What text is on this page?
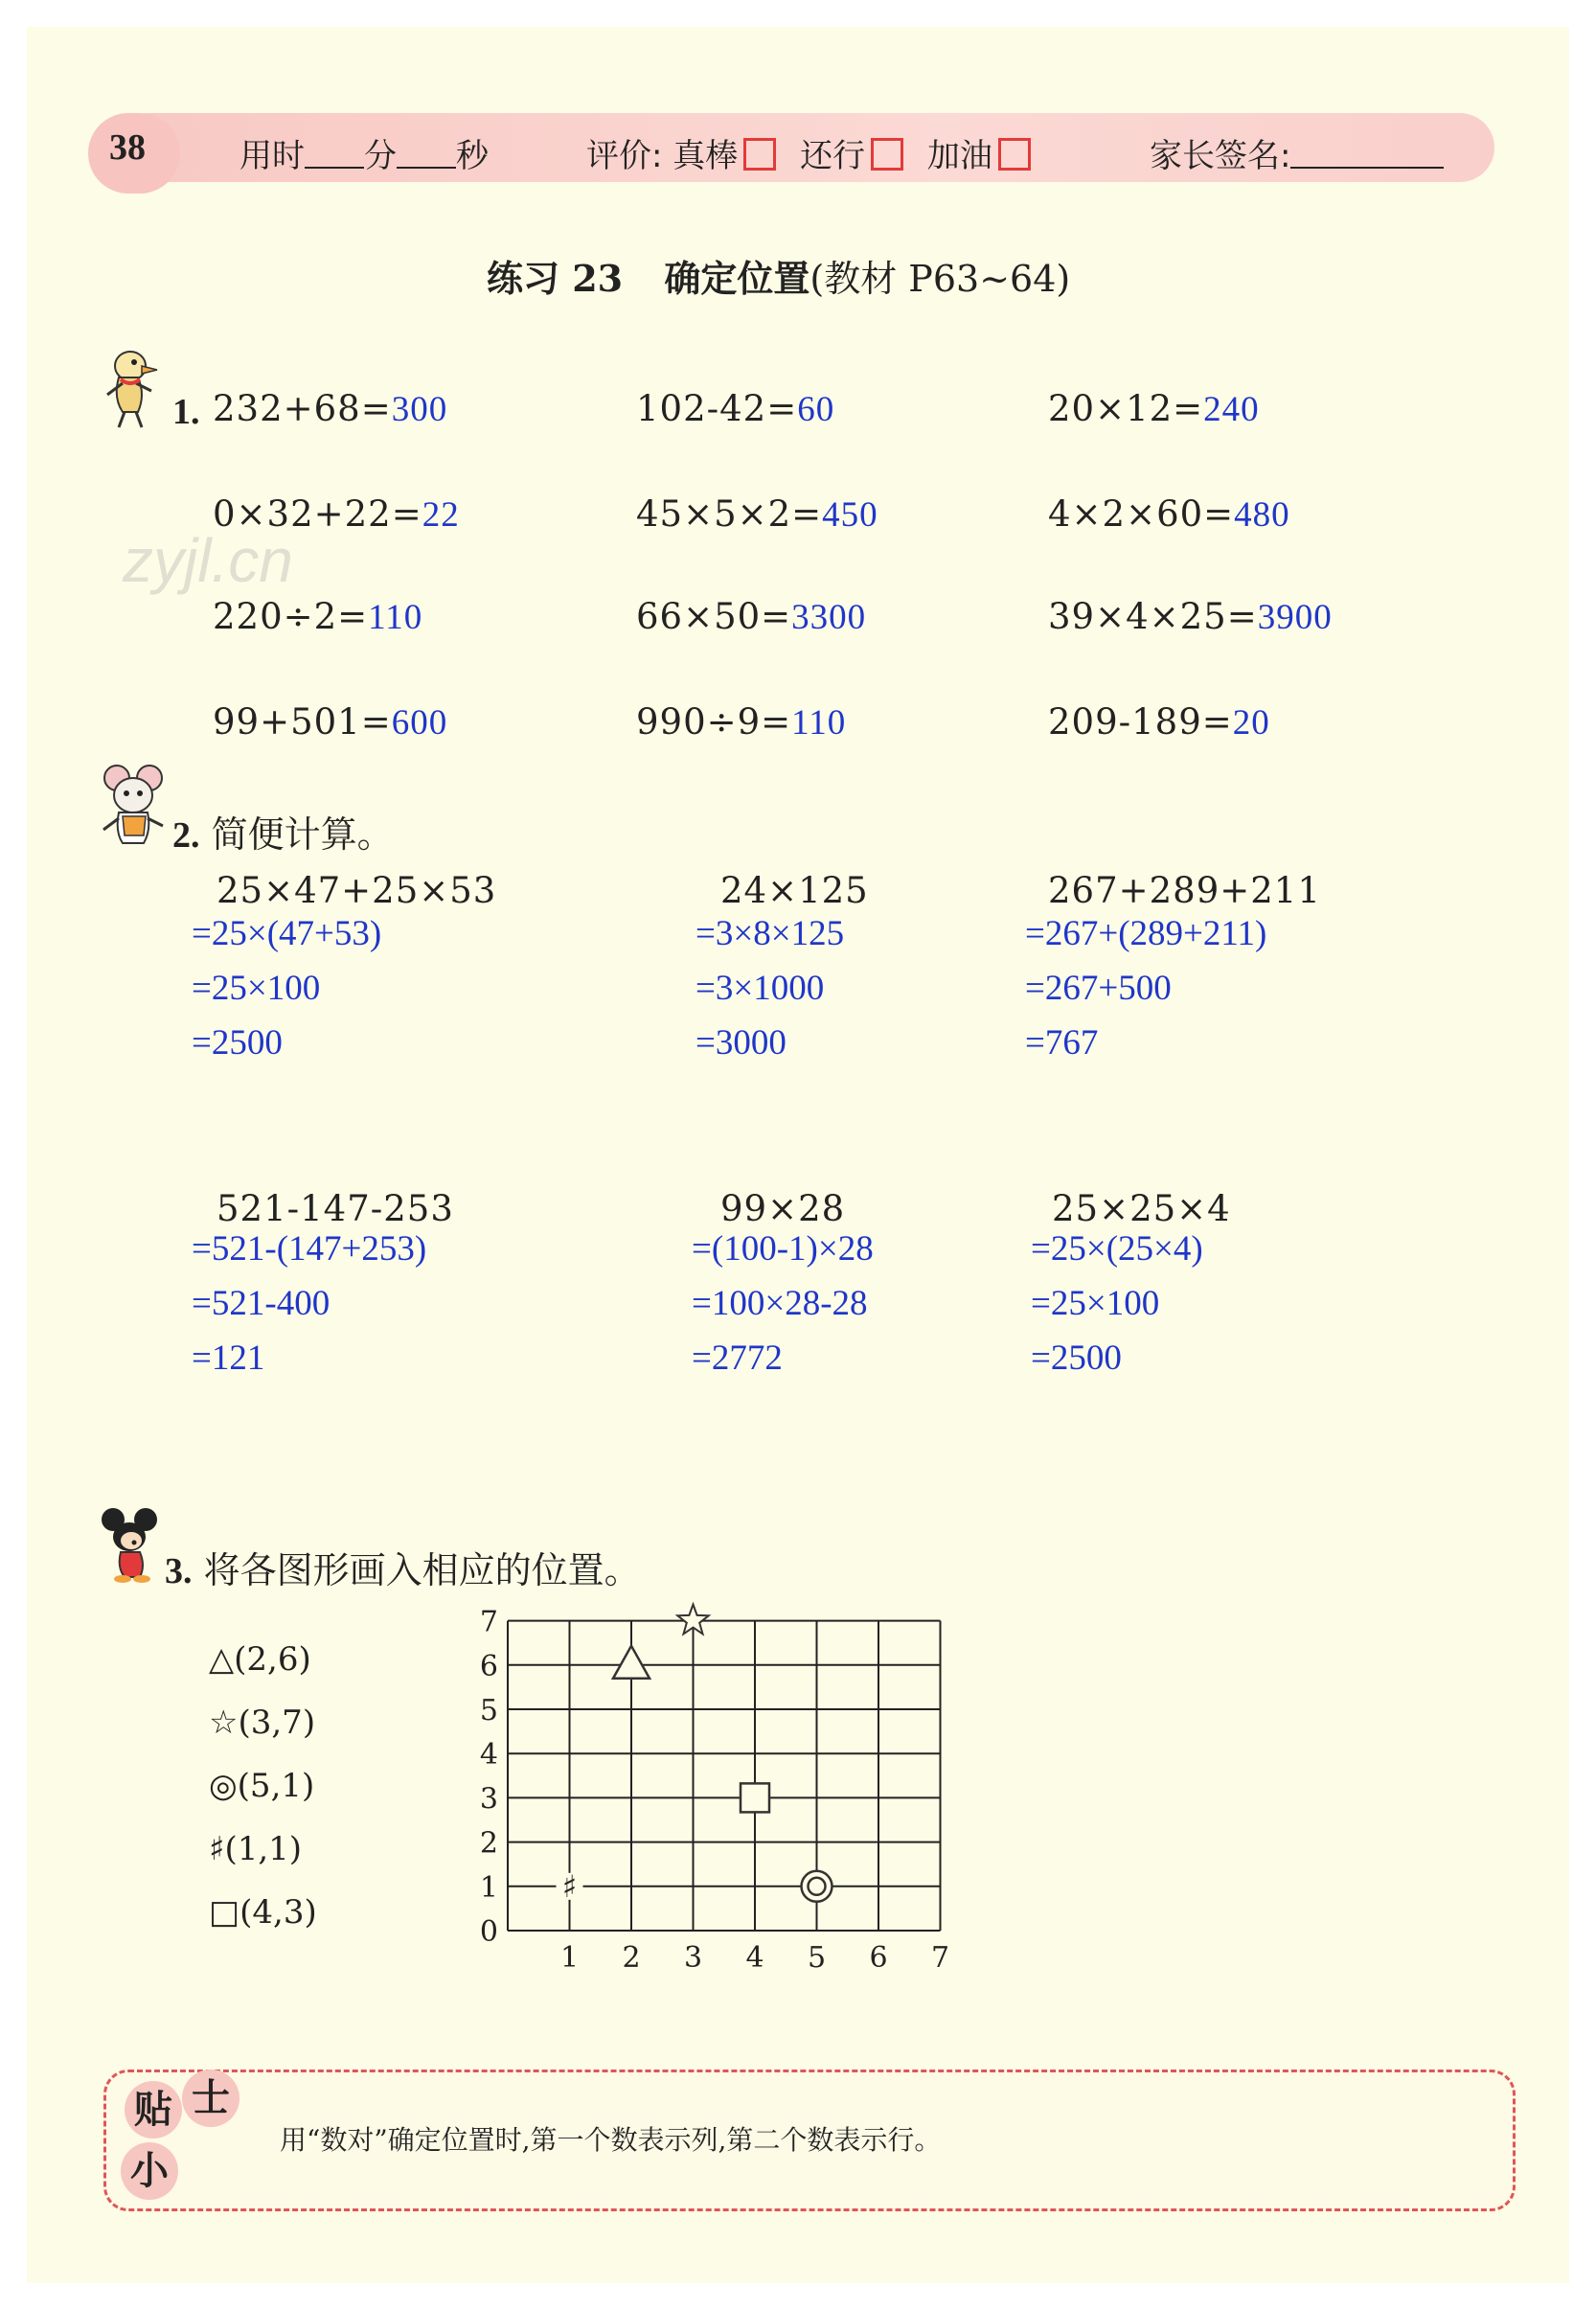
38	用时 分 秒	评价: 真棒 还行 加油	家长签名:
练习 23 确定位置(教材 P63~64)
zyjl.cn
1. 232+68=300	102-42=60	20×12=240
0×32+22=22	45×5×2=450	4×2×60=480
220÷2=110	66×50=3300	39×4×25=3900
99+501=600	990÷9=110	209-189=20
2. 简便计算。
25×47+25×53
=25×(47+53)
=25×100
=2500
24×125
=3×8×125
=3×1000
=3000
267+289+211
=267+(289+211)
=267+500
=767
521-147-253
=521-(147+253)
=521-400
=121
99×28
=(100-1)×28
=100×28-28
=2772
25×25×4
=25×(25×4)
=25×100
=2500
3. 将各图形画入相应的位置。
△(2,6)
☆(3,7)
◎(5,1)
♯(1,1)
□(4,3)
1 2 3 4 5 6 7
0
1
2
3
4
5
6
7
♯
贴 士
小
用“数对”确定位置时,第一个数表示列,第二个数表示行。
